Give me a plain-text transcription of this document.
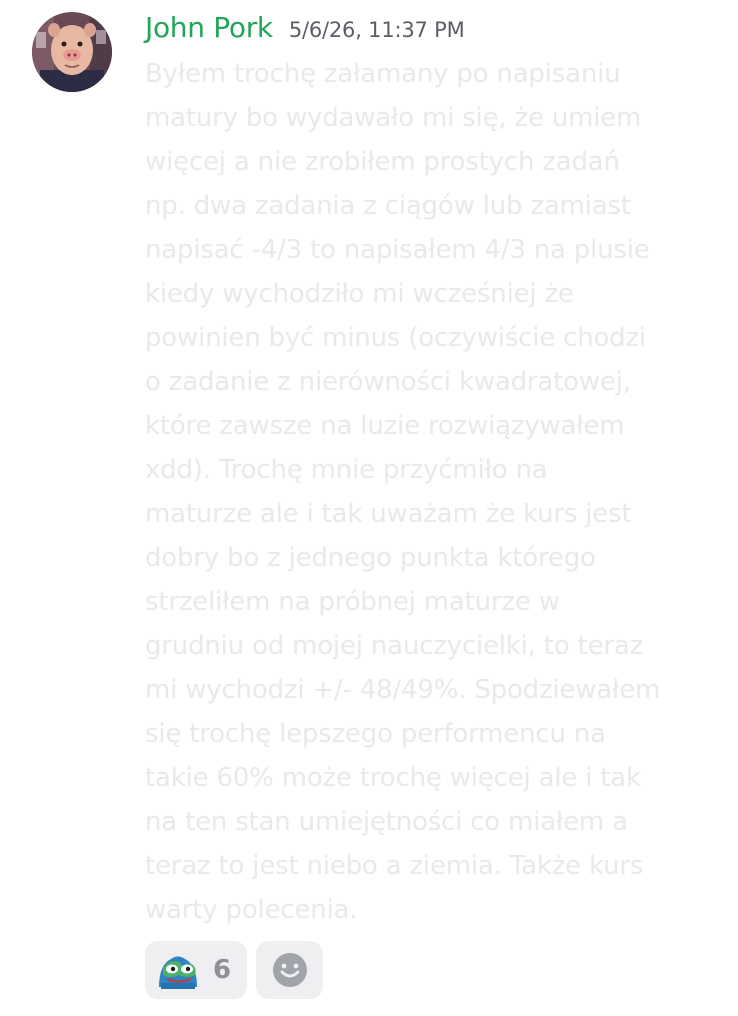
John Pork 5/6/26, 11:37 PM
Byłem trochę załamany po napisaniu
matury bo wydawało mi się, że umiem
więcej a nie zrobiłem prostych zadań
np. dwa zadania z ciągów lub zamiast
napisać -4/3 to napisałem 4/3 na plusie
kiedy wychodziło mi wcześniej że
powinien być minus (oczywiście chodzi
o zadanie z nierówności kwadratowej,
które zawsze na luzie rozwiązywałem
xdd). Trochę mnie przyćmiło na
maturze ale i tak uważam że kurs jest
dobry bo z jednego punkta którego
strzeliłem na próbnej maturze w
grudniu od mojej nauczycielki, to teraz
mi wychodzi +/- 48/49%. Spodziewałem
się trochę lepszego performencu na
takie 60% może trochę więcej ale i tak
na ten stan umiejętności co miałem a
teraz to jest niebo a ziemia. Także kurs
warty polecenia.
6
